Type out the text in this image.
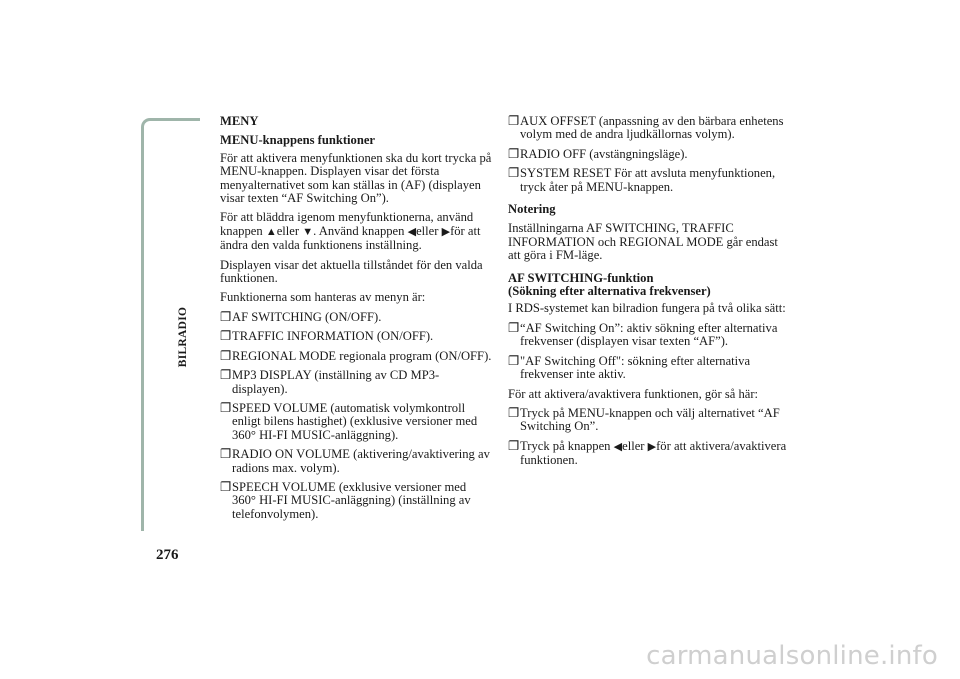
BILRADIO
276
MENY
MENU-knappens funktioner
För att aktivera menyfunktionen ska du kort trycka på MENU-knappen. Displayen visar det första menyalternativet som kan ställas in (AF) (displayen visar texten “AF Switching On”).
För att bläddra igenom menyfunktionerna, använd knappen ▲eller ▼. Använd knappen ◀eller ▶för att ändra den valda funktionens inställning.
Displayen visar det aktuella tillståndet för den valda funktionen.
Funktionerna som hanteras av menyn är:
❐ AF SWITCHING (ON/OFF).
❐ TRAFFIC INFORMATION (ON/OFF).
❐ REGIONAL MODE regionala program (ON/OFF).
❐ MP3 DISPLAY (inställning av CD MP3-displayen).
❐ SPEED VOLUME (automatisk volymkontroll enligt bilens hastighet) (exklusive versioner med 360° HI-FI MUSIC-anläggning).
❐ RADIO ON VOLUME (aktivering/avaktivering av radions max. volym).
❐ SPEECH VOLUME (exklusive versioner med 360° HI-FI MUSIC-anläggning) (inställning av telefonvolymen).
❐ AUX OFFSET (anpassning av den bärbara enhetens volym med de andra ljudkällornas volym).
❐ RADIO OFF (avstängningsläge).
❐ SYSTEM RESET För att avsluta menyfunktionen, tryck åter på MENU-knappen.
Notering
Inställningarna AF SWITCHING, TRAFFIC INFORMATION och REGIONAL MODE går endast att göra i FM-läge.
AF SWITCHING-funktion
(Sökning efter alternativa frekvenser)
I RDS-systemet kan bilradion fungera på två olika sätt:
❐ “AF Switching On”: aktiv sökning efter alternativa frekvenser (displayen visar texten “AF”).
❐ "AF Switching Off": sökning efter alternativa frekvenser inte aktiv.
För att aktivera/avaktivera funktionen, gör så här:
❐ Tryck på MENU-knappen och välj alternativet “AF Switching On”.
❐ Tryck på knappen ◀eller ▶för att aktivera/avaktivera funktionen.
carmanualsonline.info
